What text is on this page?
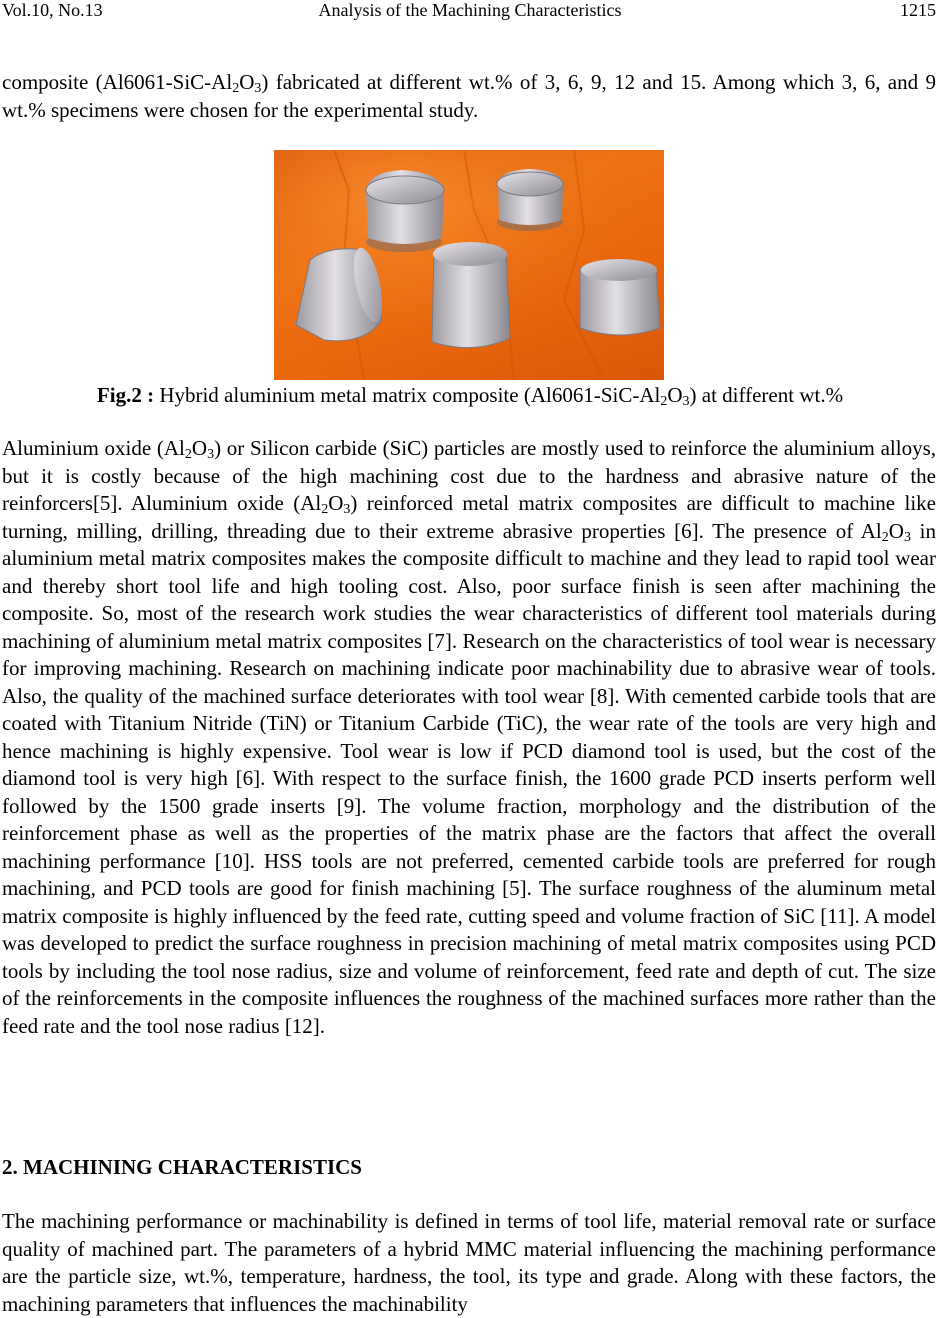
Vol.10, No.13	Analysis of the Machining Characteristics	1215

composite $(Al6061-SiC-Al_2O_3)$ fabricated at different wt.% of 3, 6, 9, 12 and 15. Among which 3, 6, and 9 wt.% specimens were chosen for the experimental study.

Fig.2 : Hybrid aluminium metal matrix composite $(Al6061-SiC-Al_2O_3)$ at different wt.%

Aluminium oxide $(Al_2O_3)$ or Silicon carbide (SiC) particles are mostly used to reinforce the aluminium alloys, but it is costly because of the high machining cost due to the hardness and abrasive nature of the reinforcers[5]. Aluminium oxide $(Al_2O_3)$ reinforced metal matrix composites are difficult to machine like turning, milling, drilling, threading due to their extreme abrasive properties [6]. The presence of $Al_2O_3$ in aluminium metal matrix composites makes the composite difficult to machine and they lead to rapid tool wear and thereby short tool life and high tooling cost. Also, poor surface finish is seen after machining the composite. So, most of the research work studies the wear characteristics of different tool materials during machining of aluminium metal matrix composites [7]. Research on the characteristics of tool wear is necessary for improving machining. Research on machining indicate poor machinability due to abrasive wear of tools. Also, the quality of the machined surface deteriorates with tool wear [8]. With cemented carbide tools that are coated with Titanium Nitride (TiN) or Titanium Carbide (TiC), the wear rate of the tools are very high and hence machining is highly expensive. Tool wear is low if PCD diamond tool is used, but the cost of the diamond tool is very high [6]. With respect to the surface finish, the 1600 grade PCD inserts perform well followed by the 1500 grade inserts [9]. The volume fraction, morphology and the distribution of the reinforcement phase as well as the properties of the matrix phase are the factors that affect the overall machining performance [10]. HSS tools are not preferred, cemented carbide tools are preferred for rough machining, and PCD tools are good for finish machining [5]. The surface roughness of the aluminum metal matrix composite is highly influenced by the feed rate, cutting speed and volume fraction of SiC [11]. A model was developed to predict the surface roughness in precision machining of metal matrix composites using PCD tools by including the tool nose radius, size and volume of reinforcement, feed rate and depth of cut. The size of the reinforcements in the composite influences the roughness of the machined surfaces more rather than the feed rate and the tool nose radius [12].

2. MACHINING CHARACTERISTICS

The machining performance or machinability is defined in terms of tool life, material removal rate or surface quality of machined part. The parameters of a hybrid MMC material influencing the machining performance are the particle size, wt.%, temperature, hardness, the tool, its type and grade. Along with these factors, the machining parameters that influences the machinability
